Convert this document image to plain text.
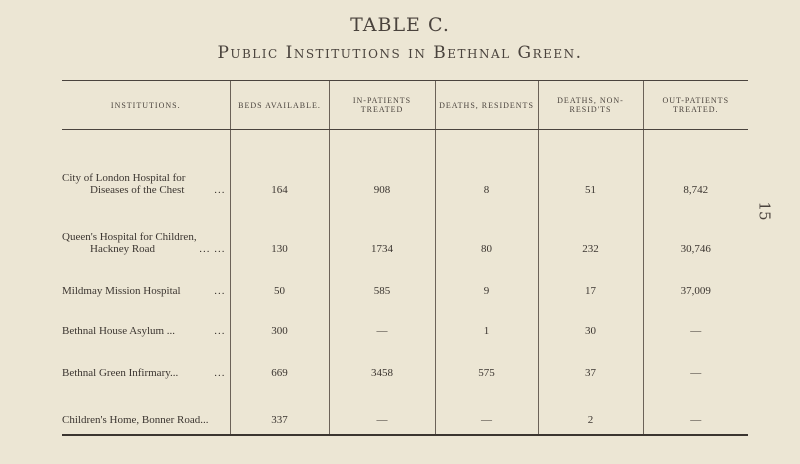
TABLE C.
Public Institutions in Bethnal Green.
15
INSTITUTIONS.	BEDS AVAILABLE.	IN-PATIENTS TREATED	DEATHS, RESIDENTS	DEATHS, NON-RESID'TS	OUT-PATIENTS TREATED.

City of London Hospital for
Diseases of the Chest ...	164	908	8	51	8,742

Queen's Hospital for Children,
Hackney Road ... ...	130	1734	80	232	30,746

Mildmay Mission Hospital ...	50	585	9	17	37,009

Bethnal House Asylum ... ...	300	—	1	30	—

Bethnal Green Infirmary... ...	669	3458	575	37	—

Children's Home, Bonner Road...	337	—	—	2	—
